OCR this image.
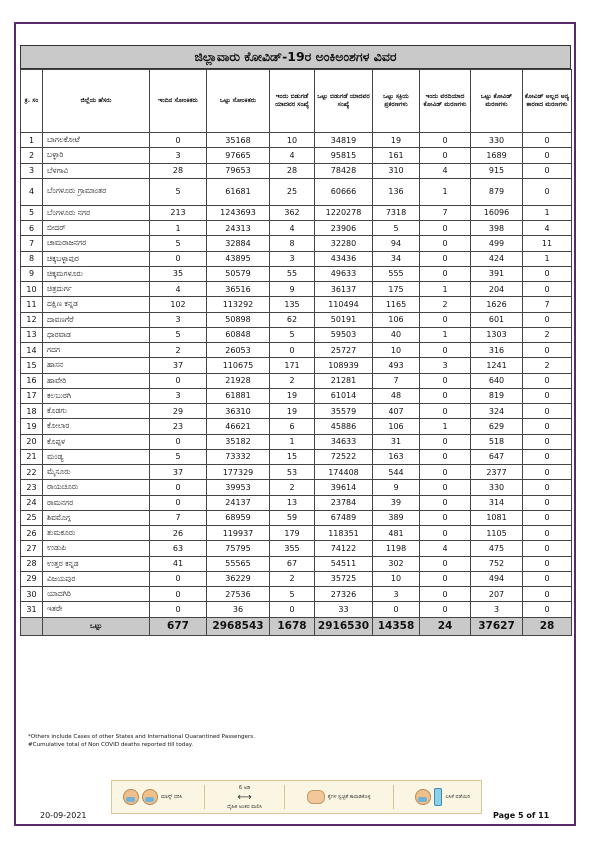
ಜಿಲ್ಲಾವಾರು ಕೋವಿಡ್-19ರ ಅಂಕಿಅಂಶಗಳ ವಿವರ
ಕ್ರ. ಸಂ	ಜಿಲ್ಲೆಯ ಹೆಸರು	ಇಂದಿನ ಸೋಂಕಿತರು	ಒಟ್ಟು ಸೋಂಕಿತರು	ಇಂದು ಬಿಡುಗಡೆ ಯಾದವರ ಸಂಖ್ಯೆ	ಒಟ್ಟು ಬಿಡುಗಡೆ ಯಾದವರ ಸಂಖ್ಯೆ	ಒಟ್ಟು ಸಕ್ರಿಯ ಪ್ರಕರಣಗಳು	ಇಂದು ವರದಿಯಾದ ಕೋವಿಡ್ ಮರಣಗಳು	ಒಟ್ಟು ಕೋವಿಡ್ ಮರಣಗಳು	ಕೋವಿಡ್ ಅಲ್ಲದ ಅನ್ಯ ಕಾರಣದ ಮರಣಗಳು
1	ಬಾಗಲಕೋಟೆ	0	35168	10	34819	19	0	330	0
2	ಬಳ್ಳಾರಿ	3	97665	4	95815	161	0	1689	0
3	ಬೆಳಗಾವಿ	28	79653	28	78428	310	4	915	0
4	ಬೆಂಗಳೂರು ಗ್ರಾಮಾಂತರ	5	61681	25	60666	136	1	879	0
5	ಬೆಂಗಳೂರು ನಗರ	213	1243693	362	1220278	7318	7	16096	1
6	ಬೀದರ್	1	24313	4	23906	5	0	398	4
7	ಚಾಮರಾಜನಗರ	5	32884	8	32280	94	0	499	11
8	ಚಿಕ್ಕಬಳ್ಳಾಪುರ	0	43895	3	43436	34	0	424	1
9	ಚಿಕ್ಕಮಗಳೂರು	35	50579	55	49633	555	0	391	0
10	ಚಿತ್ರದುರ್ಗ	4	36516	9	36137	175	1	204	0
11	ದಕ್ಷಿಣ ಕನ್ನಡ	102	113292	135	110494	1165	2	1626	7
12	ದಾವಣಗೆರೆ	3	50898	62	50191	106	0	601	0
13	ಧಾರವಾಡ	5	60848	5	59503	40	1	1303	2
14	ಗದಗ	2	26053	0	25727	10	0	316	0
15	ಹಾಸನ	37	110675	171	108939	493	3	1241	2
16	ಹಾವೇರಿ	0	21928	2	21281	7	0	640	0
17	ಕಲಬುರಗಿ	3	61881	19	61014	48	0	819	0
18	ಕೊಡಗು	29	36310	19	35579	407	0	324	0
19	ಕೋಲಾರ	23	46621	6	45886	106	1	629	0
20	ಕೊಪ್ಪಳ	0	35182	1	34633	31	0	518	0
21	ಮಂಡ್ಯ	5	73332	15	72522	163	0	647	0
22	ಮೈಸೂರು	37	177329	53	174408	544	0	2377	0
23	ರಾಯಚೂರು	0	39953	2	39614	9	0	330	0
24	ರಾಮನಗರ	0	24137	13	23784	39	0	314	0
25	ಶಿವಮೊಗ್ಗ	7	68959	59	67489	389	0	1081	0
26	ತುಮಕೂರು	26	119937	179	118351	481	0	1105	0
27	ಉಡುಪಿ	63	75795	355	74122	1198	4	475	0
28	ಉತ್ತರ ಕನ್ನಡ	41	55565	67	54511	302	0	752	0
29	ವಿಜಯಪುರ	0	36229	2	35725	10	0	494	0
30	ಯಾದಗಿರಿ	0	27536	5	27326	3	0	207	0
31	ಇತರೇ	0	36	0	33	0	0	3	0
	ಒಟ್ಟು	677	2968543	1678	2916530	14358	24	37627	28
*Others include Cases of other States and International Quarantined Passengers.
#Cumulative total of Non COVID deaths reported till today.
ಮಾಸ್ಕ್ ಧರಿಸಿ
6 ಅಡಿ
⟷
ದೈಹಿಕ ಅಂತರ ಪಾಲಿಸಿ
ಕೈಗಳ ಸ್ವಚ್ಛತೆ ಕಾಪಾಡಿಕೊಳ್ಳಿ	ಲಸಿಕೆ ಪಡೆಯಿರಿ
20-09-2021	Page 5 of 11
